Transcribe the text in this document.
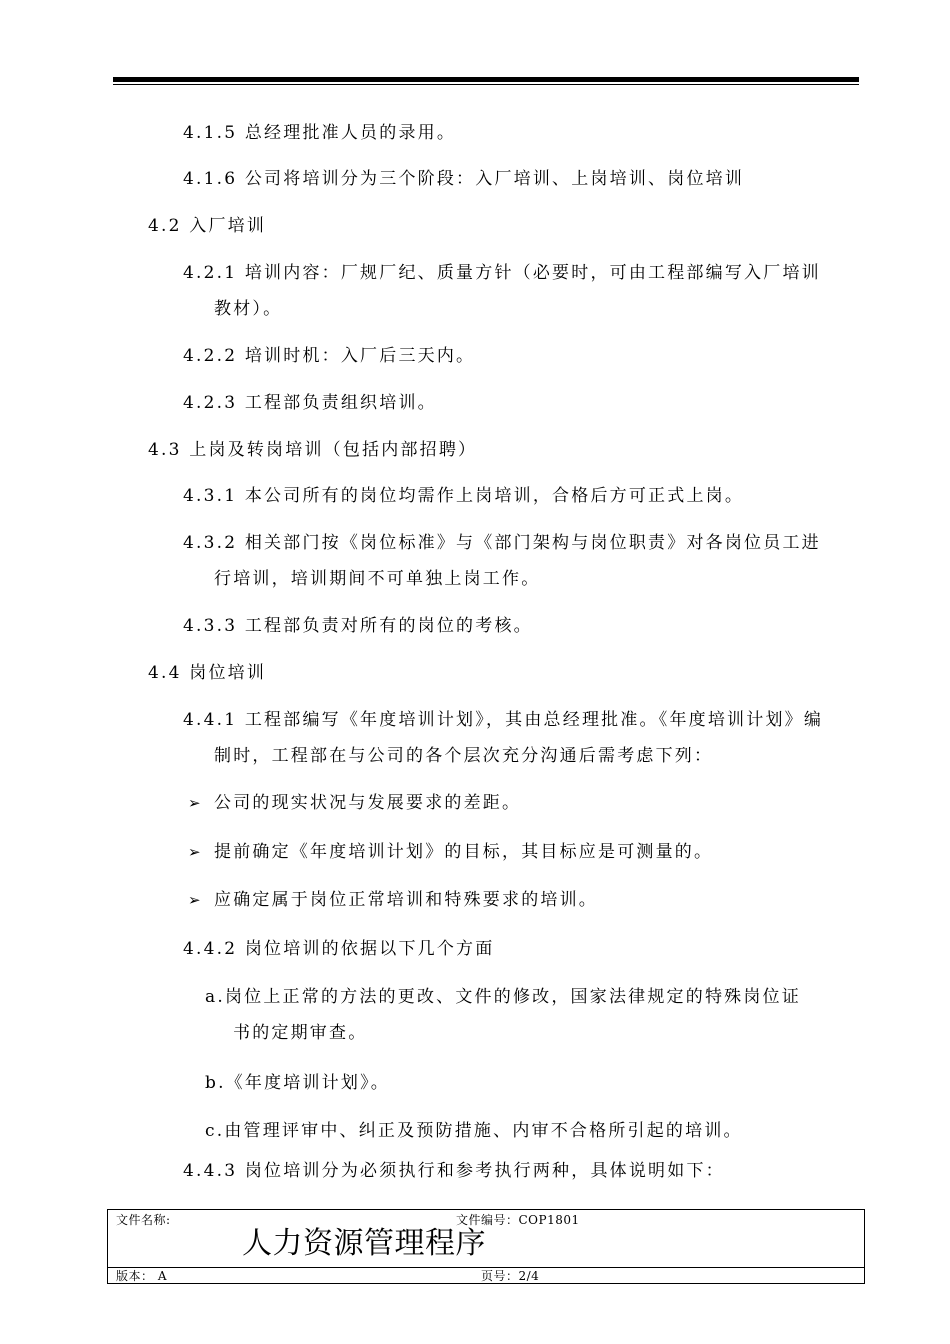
4.1.5 总经理批准人员的录用。
4.1.6 公司将培训分为三个阶段：入厂培训、上岗培训、岗位培训
4.2 入厂培训
4.2.1 培训内容：厂规厂纪、质量方针（必要时，可由工程部编写入厂培训
教材）。
4.2.2 培训时机：入厂后三天内。
4.2.3 工程部负责组织培训。
4.3 上岗及转岗培训（包括内部招聘）
4.3.1 本公司所有的岗位均需作上岗培训，合格后方可正式上岗。
4.3.2 相关部门按《岗位标准》与《部门架构与岗位职责》对各岗位员工进
行培训，培训期间不可单独上岗工作。
4.3.3 工程部负责对所有的岗位的考核。
4.4 岗位培训
4.4.1 工程部编写《年度培训计划》，其由总经理批准。《年度培训计划》编
制时，工程部在与公司的各个层次充分沟通后需考虑下列：
➢ 公司的现实状况与发展要求的差距。
➢ 提前确定《年度培训计划》的目标，其目标应是可测量的。
➢ 应确定属于岗位正常培训和特殊要求的培训。
4.4.2 岗位培训的依据以下几个方面
a.岗位上正常的方法的更改、文件的修改，国家法律规定的特殊岗位证
书的定期审查。
b.《年度培训计划》。
c.由管理评审中、纠正及预防措施、内审不合格所引起的培训。
4.4.3 岗位培训分为必须执行和参考执行两种，具体说明如下：
文件名称:	文件编号：COP1801
人力资源管理程序
版本： A	页号：2/4
